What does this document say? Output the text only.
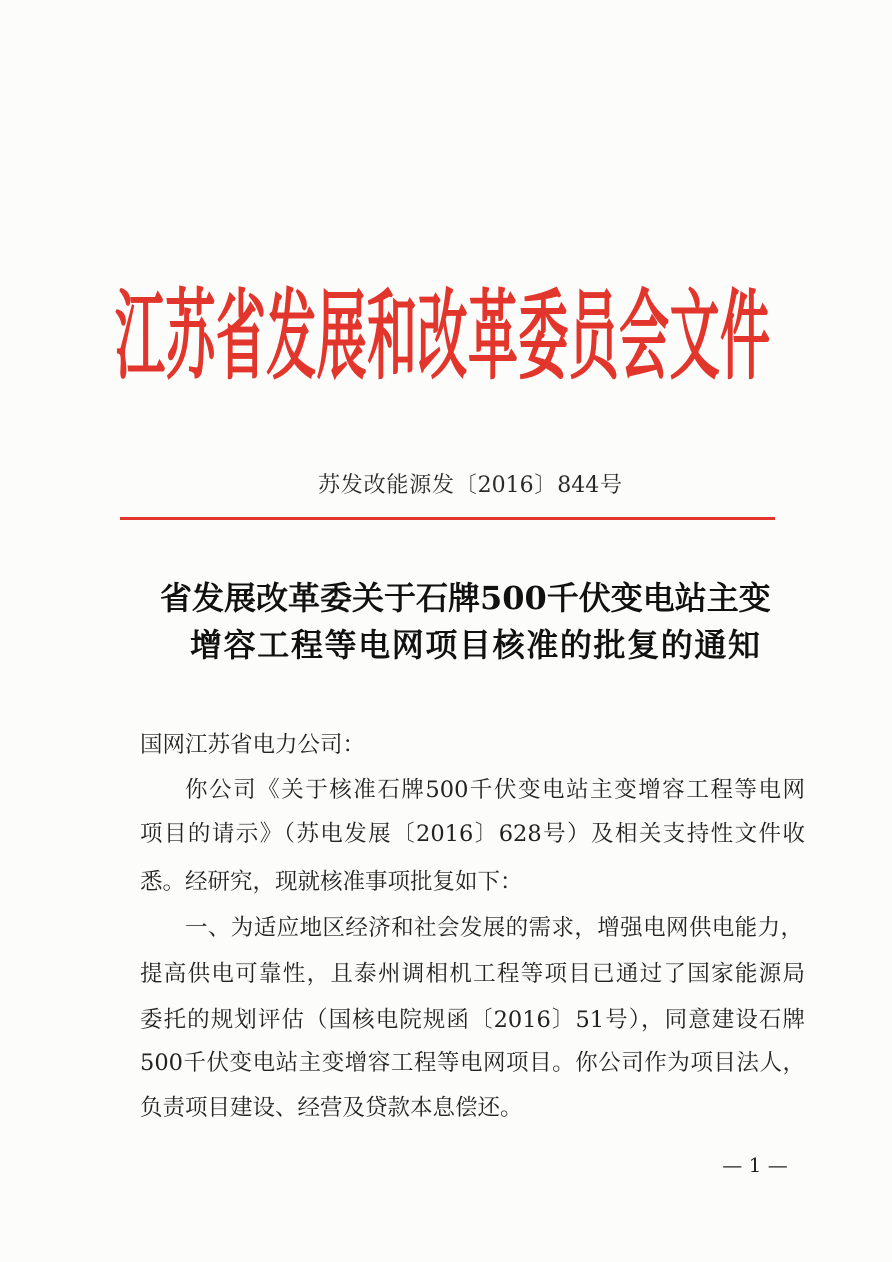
江苏省发展和改革委员会文件
苏发改能源发〔2016〕844号
省发展改革委关于石牌500千伏变电站主变
增容工程等电网项目核准的批复的通知
国网江苏省电力公司：
你公司《关于核准石牌500千伏变电站主变增容工程等电网
项目的请示》（苏电发展〔2016〕628号）及相关支持性文件收
悉。经研究，现就核准事项批复如下：
一、为适应地区经济和社会发展的需求，增强电网供电能力，
提高供电可靠性，且泰州调相机工程等项目已通过了国家能源局
委托的规划评估（国核电院规函〔2016〕51号），同意建设石牌
500千伏变电站主变增容工程等电网项目。你公司作为项目法人，
负责项目建设、经营及贷款本息偿还。
— 1 —
